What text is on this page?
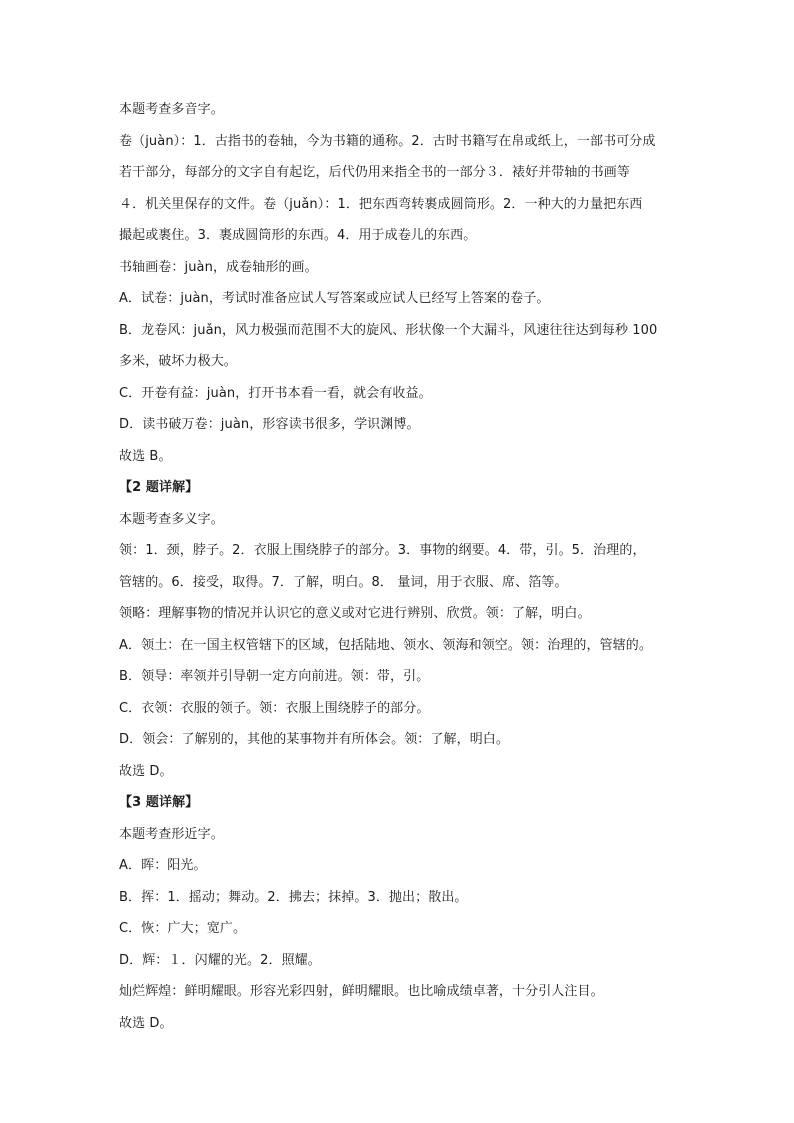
本题考查多音字。
卷（juàn）：1．古指书的卷轴，今为书籍的通称。2．古时书籍写在帛或纸上，一部书可分成
若干部分，每部分的文字自有起讫，后代仍用来指全书的一部分３．裱好并带轴的书画等
４．机关里保存的文件。卷（juǎn）：1．把东西弯转裹成圆筒形。2．一种大的力量把东西
撮起或裹住。3．裹成圆筒形的东西。4．用于成卷儿的东西。
书轴画卷：juàn，成卷轴形的画。
A．试卷：juàn，考试时准备应试人写答案或应试人已经写上答案的卷子。
B．龙卷风：juǎn，风力极强而范围不大的旋风、形状像一个大漏斗，风速往往达到每秒 100
多米，破坏力极大。
C．开卷有益：juàn，打开书本看一看，就会有收益。
D．读书破万卷：juàn，形容读书很多，学识渊博。
故选 B。
【2 题详解】
本题考查多义字。
领：1．颈，脖子。2．衣服上围绕脖子的部分。3．事物的纲要。4．带，引。5．治理的，
管辖的。6．接受，取得。7．了解，明白。8． 量词，用于衣服、席、箔等。
领略：理解事物的情况并认识它的意义或对它进行辨别、欣赏。领：了解，明白。
A．领土：在一国主权管辖下的区域，包括陆地、领水、领海和领空。领：治理的，管辖的。
B．领导：率领并引导朝一定方向前进。领：带，引。
C．衣领：衣服的领子。领：衣服上围绕脖子的部分。
D．领会：了解别的，其他的某事物并有所体会。领：了解，明白。
故选 D。
【3 题详解】
本题考查形近字。
A．晖：阳光。
B．挥：1．摇动；舞动。2．拂去；抹掉。3．抛出；散出。
C．恢：广大；宽广。
D．辉：１．闪耀的光。2．照耀。
灿烂辉煌：鲜明耀眼。形容光彩四射，鲜明耀眼。也比喻成绩卓著，十分引人注目。
故选 D。
